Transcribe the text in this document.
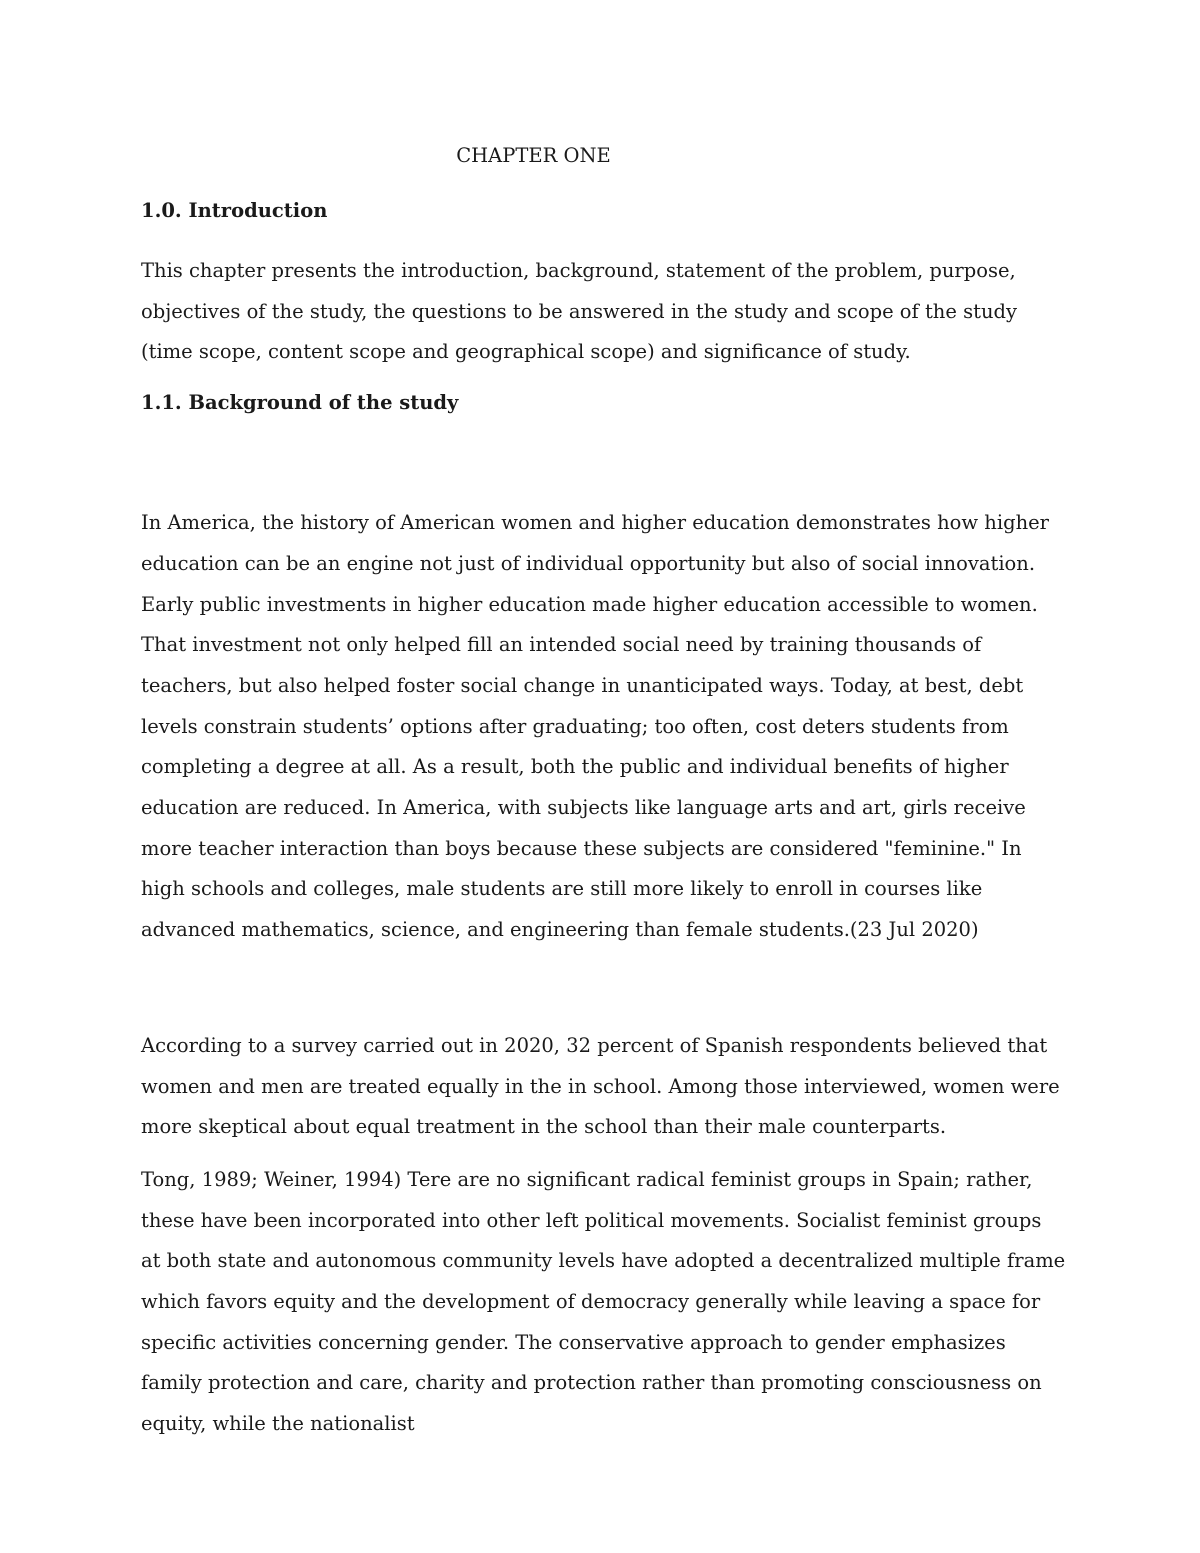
CHAPTER ONE
1.0. Introduction

This chapter presents the introduction, background, statement of the problem, purpose, objectives of the study, the questions to be answered in the study and scope of the study (time scope, content scope and geographical scope) and significance of study.

1.1. Background of the study

In America, the history of American women and higher education demonstrates how higher education can be an engine not just of individual opportunity but also of social innovation. Early public investments in higher education made higher education accessible to women. That investment not only helped fill an intended social need by training thousands of teachers, but also helped foster social change in unanticipated ways. Today, at best, debt levels constrain students’ options after graduating; too often, cost deters students from completing a degree at all. As a result, both the public and individual benefits of higher education are reduced. In America, with subjects like language arts and art, girls receive more teacher interaction than boys because these subjects are considered "feminine." In high schools and colleges, male students are still more likely to enroll in courses like advanced mathematics, science, and engineering than female students.(23 Jul 2020)

According to a survey carried out in 2020, 32 percent of Spanish respondents believed that women and men are treated equally in the in school. Among those interviewed, women were more skeptical about equal treatment in the school than their male counterparts.

Tong, 1989; Weiner, 1994) Tere are no significant radical feminist groups in Spain; rather, these have been incorporated into other left political movements. Socialist feminist groups at both state and autonomous community levels have adopted a decentralized multiple frame which favors equity and the development of democracy generally while leaving a space for specific activities concerning gender. The conservative approach to gender emphasizes family protection and care, charity and protection rather than promoting consciousness on equity, while the nationalist
